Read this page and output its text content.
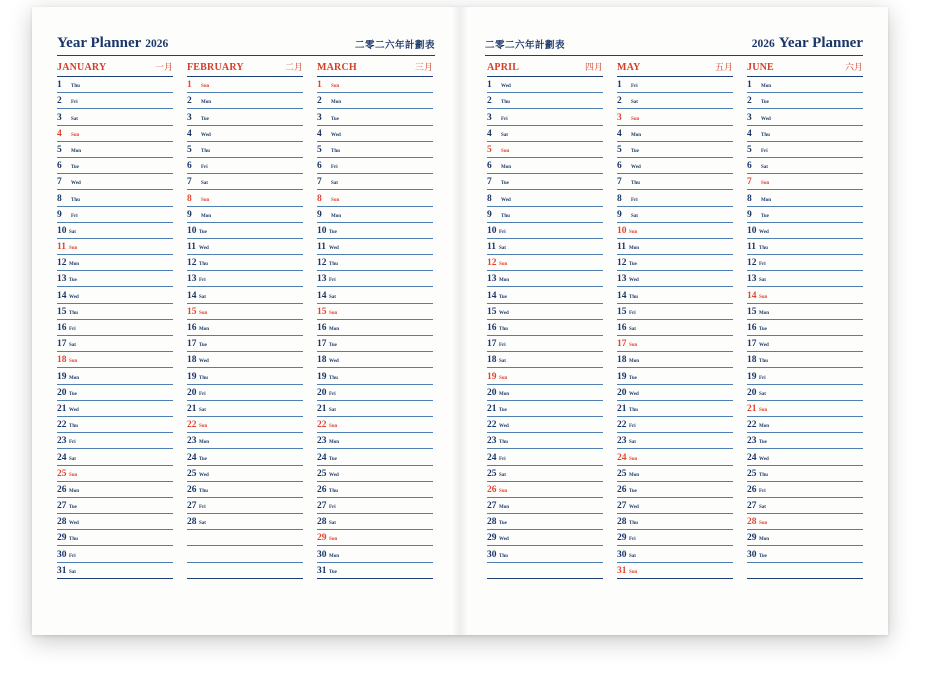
Year Planner 2026	二零二六年計劃表
JANUARY	一月
1 Thu
2 Fri
3 Sat
4 Sun
5 Mon
6 Tue
7 Wed
8 Thu
9 Fri
10 Sat
11 Sun
12 Mon
13 Tue
14 Wed
15 Thu
16 Fri
17 Sat
18 Sun
19 Mon
20 Tue
21 Wed
22 Thu
23 Fri
24 Sat
25 Sun
26 Mon
27 Tue
28 Wed
29 Thu
30 Fri
31 Sat
FEBRUARY	二月
1 Sun
2 Mon
3 Tue
4 Wed
5 Thu
6 Fri
7 Sat
8 Sun
9 Mon
10 Tue
11 Wed
12 Thu
13 Fri
14 Sat
15 Sun
16 Mon
17 Tue
18 Wed
19 Thu
20 Fri
21 Sat
22 Sun
23 Mon
24 Tue
25 Wed
26 Thu
27 Fri
28 Sat
MARCH	三月
1 Sun
2 Mon
3 Tue
4 Wed
5 Thu
6 Fri
7 Sat
8 Sun
9 Mon
10 Tue
11 Wed
12 Thu
13 Fri
14 Sat
15 Sun
16 Mon
17 Tue
18 Wed
19 Thu
20 Fri
21 Sat
22 Sun
23 Mon
24 Tue
25 Wed
26 Thu
27 Fri
28 Sat
29 Sun
30 Mon
31 Tue
二零二六年計劃表	2026 Year Planner
APRIL	四月
1 Wed
2 Thu
3 Fri
4 Sat
5 Sun
6 Mon
7 Tue
8 Wed
9 Thu
10 Fri
11 Sat
12 Sun
13 Mon
14 Tue
15 Wed
16 Thu
17 Fri
18 Sat
19 Sun
20 Mon
21 Tue
22 Wed
23 Thu
24 Fri
25 Sat
26 Sun
27 Mon
28 Tue
29 Wed
30 Thu
MAY	五月
1 Fri
2 Sat
3 Sun
4 Mon
5 Tue
6 Wed
7 Thu
8 Fri
9 Sat
10 Sun
11 Mon
12 Tue
13 Wed
14 Thu
15 Fri
16 Sat
17 Sun
18 Mon
19 Tue
20 Wed
21 Thu
22 Fri
23 Sat
24 Sun
25 Mon
26 Tue
27 Wed
28 Thu
29 Fri
30 Sat
31 Sun
JUNE	六月
1 Mon
2 Tue
3 Wed
4 Thu
5 Fri
6 Sat
7 Sun
8 Mon
9 Tue
10 Wed
11 Thu
12 Fri
13 Sat
14 Sun
15 Mon
16 Tue
17 Wed
18 Thu
19 Fri
20 Sat
21 Sun
22 Mon
23 Tue
24 Wed
25 Thu
26 Fri
27 Sat
28 Sun
29 Mon
30 Tue
